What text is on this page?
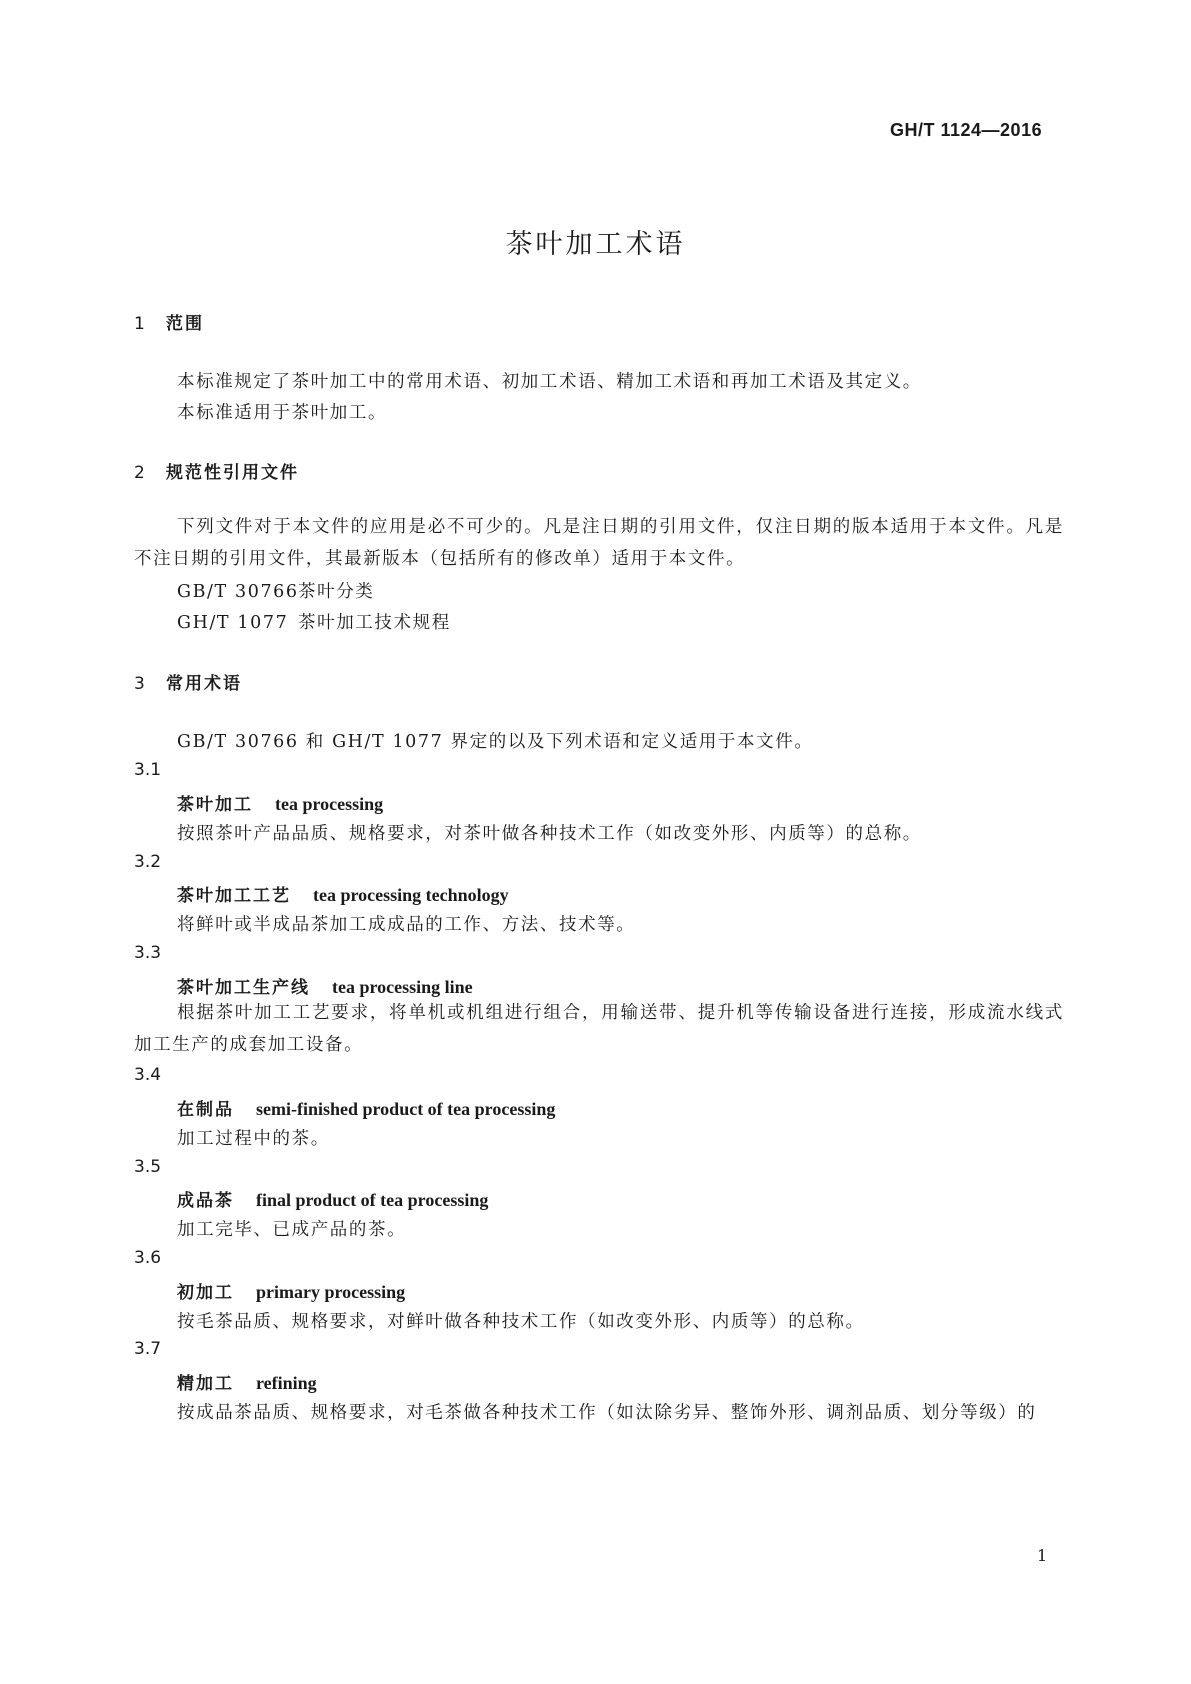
GH/T 1124—2016
茶叶加工术语
1 范围
本标准规定了茶叶加工中的常用术语、初加工术语、精加工术语和再加工术语及其定义。
本标准适用于茶叶加工。
2 规范性引用文件
下列文件对于本文件的应用是必不可少的。凡是注日期的引用文件，仅注日期的版本适用于本文件。凡是不注日期的引用文件，其最新版本（包括所有的修改单）适用于本文件。
GB/T 30766茶叶分类
GH/T 1077 茶叶加工技术规程
3 常用术语
GB/T 30766 和 GH/T 1077 界定的以及下列术语和定义适用于本文件。
3.1
茶叶加工 tea processing
按照茶叶产品品质、规格要求，对茶叶做各种技术工作（如改变外形、内质等）的总称。
3.2
茶叶加工工艺 tea processing technology
将鲜叶或半成品茶加工成成品的工作、方法、技术等。
3.3
茶叶加工生产线 tea processing line
根据茶叶加工工艺要求，将单机或机组进行组合，用输送带、提升机等传输设备进行连接，形成流水线式加工生产的成套加工设备。
3.4
在制品 semi-finished product of tea processing
加工过程中的茶。
3.5
成品茶 final product of tea processing
加工完毕、已成产品的茶。
3.6
初加工 primary processing
按毛茶品质、规格要求，对鲜叶做各种技术工作（如改变外形、内质等）的总称。
3.7
精加工 refining
按成品茶品质、规格要求，对毛茶做各种技术工作（如汰除劣异、整饰外形、调剂品质、划分等级）的
1
